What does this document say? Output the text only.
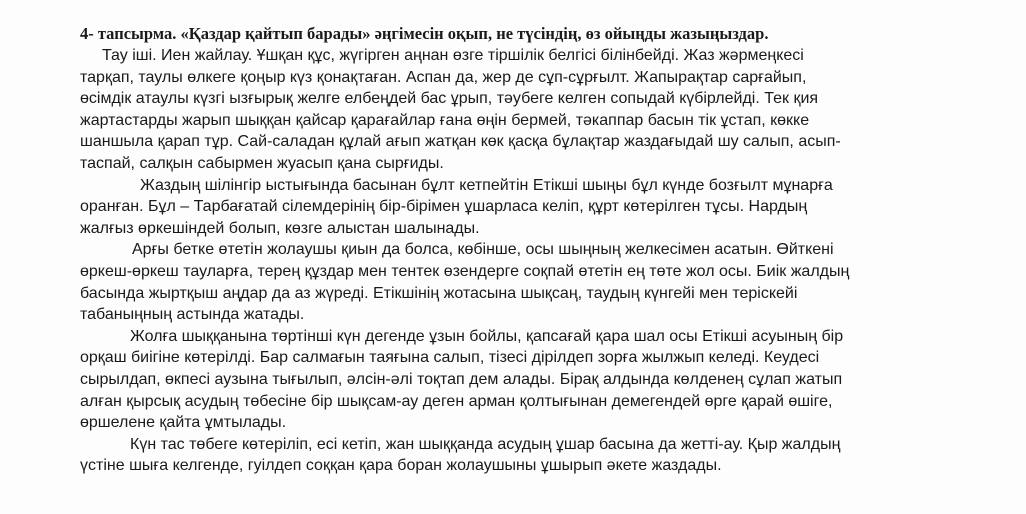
4- тапсырма. «Қаздар қайтып барады» әңгімесін оқып, не түсіндің, өз ойыңды жазыңыздар.
Тау іші. Иен жайлау. Ұшқан құс, жүгірген аңнан өзге тіршілік белгісі білінбейді. Жаз жәрмеңкесі
тарқап, таулы өлкеге қоңыр күз қонақтаған. Аспан да, жер де сұп-сұрғылт. Жапырақтар сарғайып,
өсімдік атаулы күзгі ызғырық желге елбеңдей бас ұрып, тәубеге келген сопыдай күбірлейді. Тек қия
жартастарды жарып шыққан қайсар қарағайлар ғана өңін бермей, тәкаппар басын тік ұстап, көкке
шаншыла қарап тұр. Сай-саладан құлай ағып жатқан көк қасқа бұлақтар жаздағыдай шу салып, асып-
таспай, салқын сабырмен жуасып қана сырғиды.
Жаздың шілінгір ыстығында басынан бұлт кетпейтін Етікші шыңы бұл күнде бозғылт мұнарға
оранған. Бұл – Тарбағатай сілемдерінің бір-бірімен ұшарласа келіп, құрт көтерілген тұсы. Нардың
жалғыз өркешіндей болып, көзге алыстан шалынады.
Арғы бетке өтетін жолаушы қиын да болса, көбінше, осы шыңның желкесімен асатын. Өйткені
өркеш-өркеш тауларға, терең құздар мен тентек өзендерге соқпай өтетін ең төте жол осы. Биік жалдың
басында жыртқыш аңдар да аз жүреді. Етікшінің жотасына шықсаң, таудың күнгейі мен теріскейі
табаныңның астында жатады.
Жолға шыққанына төртінші күн дегенде ұзын бойлы, қапсағай қара шал осы Етікші асуының бір
орқаш биігіне көтерілді. Бар салмағын таяғына салып, тізесі дірілдеп зорға жылжып келеді. Кеудесі
сырылдап, өкпесі аузына тығылып, әлсін-әлі тоқтап дем алады. Бірақ алдында көлденең сұлап жатып
алған қырсық асудың төбесіне бір шықсам-ау деген арман қолтығынан демегендей өрге қарай өшіге,
өршелене қайта ұмтылады.
Күн тас төбеге көтеріліп, есі кетіп, жан шыққанда асудың ұшар басына да жетті-ау. Қыр жалдың
үстіне шыға келгенде, гуілдеп соққан қара боран жолаушыны ұшырып әкете жаздады.
